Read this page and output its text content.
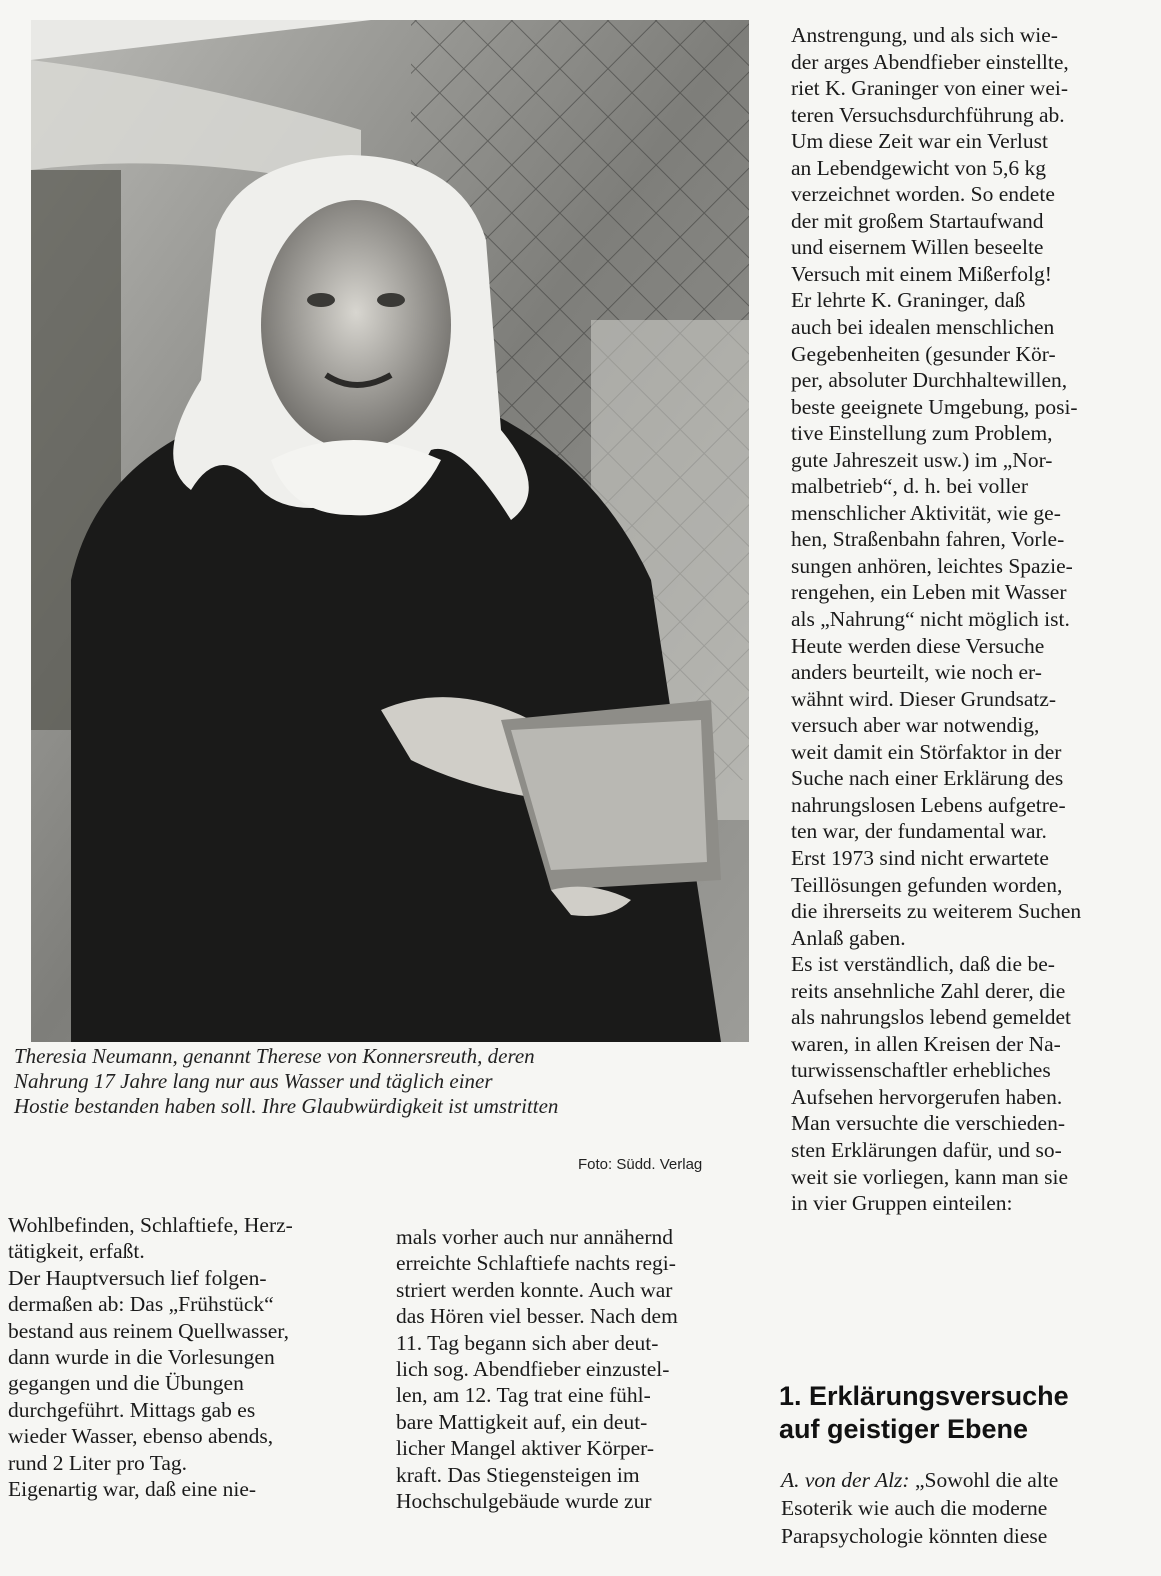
Theresia Neumann, genannt Therese von Konnersreuth, deren

Nahrung 17 Jahre lang nur aus Wasser und täglich einer

Hostie bestanden haben soll. Ihre Glaubwürdigkeit ist umstritten

Foto: Südd. Verlag

Anstrengung, und als sich wie-

der arges Abendfieber einstellte,

riet K. Graninger von einer wei-

teren Versuchsdurchführung ab.

Um diese Zeit war ein Verlust

an Lebendgewicht von 5,6 kg

verzeichnet worden. So endete

der mit großem Startaufwand

und eisernem Willen beseelte

Versuch mit einem Mißerfolg!

Er lehrte K. Graninger, daß

auch bei idealen menschlichen

Gegebenheiten (gesunder Kör-

per, absoluter Durchhaltewillen,

beste geeignete Umgebung, posi-

tive Einstellung zum Problem,

gute Jahreszeit usw.) im „Nor-

malbetrieb“, d. h. bei voller

menschlicher Aktivität, wie ge-

hen, Straßenbahn fahren, Vorle-

sungen anhören, leichtes Spazie-

rengehen, ein Leben mit Wasser

als „Nahrung“ nicht möglich ist.

Heute werden diese Versuche

anders beurteilt, wie noch er-

wähnt wird. Dieser Grundsatz-

versuch aber war notwendig,

weit damit ein Störfaktor in der

Suche nach einer Erklärung des

nahrungslosen Lebens aufgetre-

ten war, der fundamental war.

Erst 1973 sind nicht erwartete

Teillösungen gefunden worden,

die ihrerseits zu weiterem Suchen

Anlaß gaben.

Es ist verständlich, daß die be-

reits ansehnliche Zahl derer, die

als nahrungslos lebend gemeldet

waren, in allen Kreisen der Na-

turwissenschaftler erhebliches

Aufsehen hervorgerufen haben.

Man versuchte die verschieden-

sten Erklärungen dafür, und so-

weit sie vorliegen, kann man sie

in vier Gruppen einteilen:

Wohlbefinden, Schlaftiefe, Herz-

tätigkeit, erfaßt.

Der Hauptversuch lief folgen-

dermaßen ab: Das „Frühstück“

bestand aus reinem Quellwasser,

dann wurde in die Vorlesungen

gegangen und die Übungen

durchgeführt. Mittags gab es

wieder Wasser, ebenso abends,

rund 2 Liter pro Tag.

Eigenartig war, daß eine nie-

mals vorher auch nur annähernd

erreichte Schlaftiefe nachts regi-

striert werden konnte. Auch war

das Hören viel besser. Nach dem

11. Tag begann sich aber deut-

lich sog. Abendfieber einzustel-

len, am 12. Tag trat eine fühl-

bare Mattigkeit auf, ein deut-

licher Mangel aktiver Körper-

kraft. Das Stiegensteigen im

Hochschulgebäude wurde zur

1. Erklärungsversuche

auf geistiger Ebene

A. von der Alz: „Sowohl die alte

Esoterik wie auch die moderne

Parapsychologie könnten diese
